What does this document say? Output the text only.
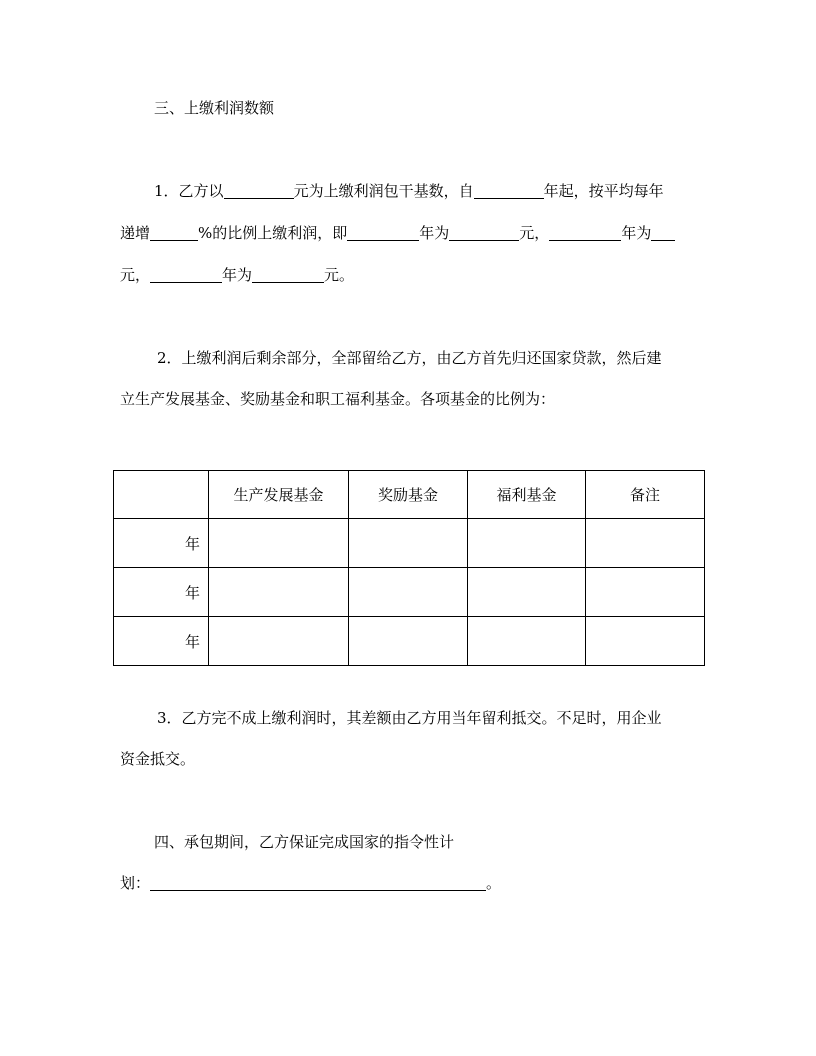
三、上缴利润数额
1．乙方以	元为上缴利润包干基数，自	年起，按平均每年
递增	%的比例上缴利润，即	年为	元，	年为
元，	年为	元。
2．上缴利润后剩余部分，全部留给乙方，由乙方首先归还国家贷款，然后建
立生产发展基金、奖励基金和职工福利基金。各项基金的比例为：
	生产发展基金	奖励基金	福利基金	备注
年				
年				
年				
3．乙方完不成上缴利润时，其差额由乙方用当年留利抵交。不足时，用企业
资金抵交。
四、承包期间，乙方保证完成国家的指令性计
划：	。
